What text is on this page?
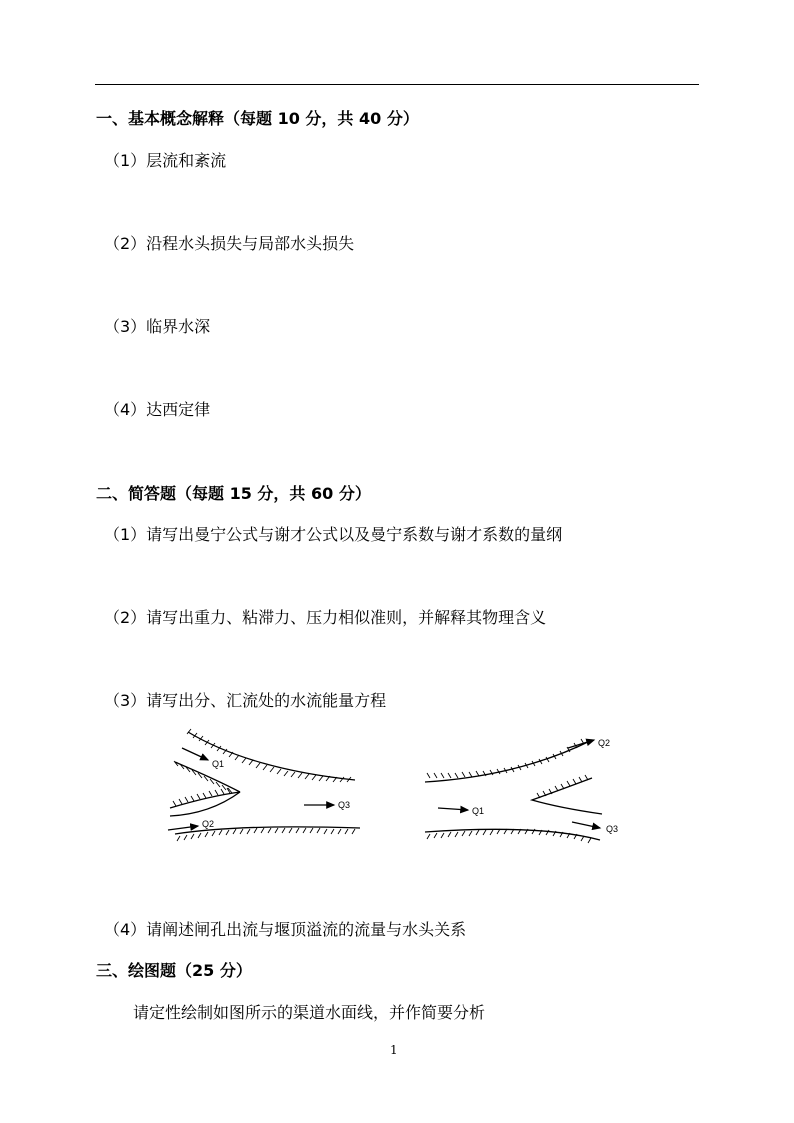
一、基本概念解释（每题 10 分，共 40 分）
（1）层流和紊流
（2）沿程水头损失与局部水头损失
（3）临界水深
（4）达西定律
二、简答题（每题 15 分，共 60 分）
（1）请写出曼宁公式与谢才公式以及曼宁系数与谢才系数的量纲
（2）请写出重力、粘滞力、压力相似准则，并解释其物理含义
（3）请写出分、汇流处的水流能量方程
Q1
Q2
Q3
Q1
Q2
Q3
（4）请阐述闸孔出流与堰顶溢流的流量与水头关系
三、绘图题（25 分）
请定性绘制如图所示的渠道水面线，并作简要分析
1
